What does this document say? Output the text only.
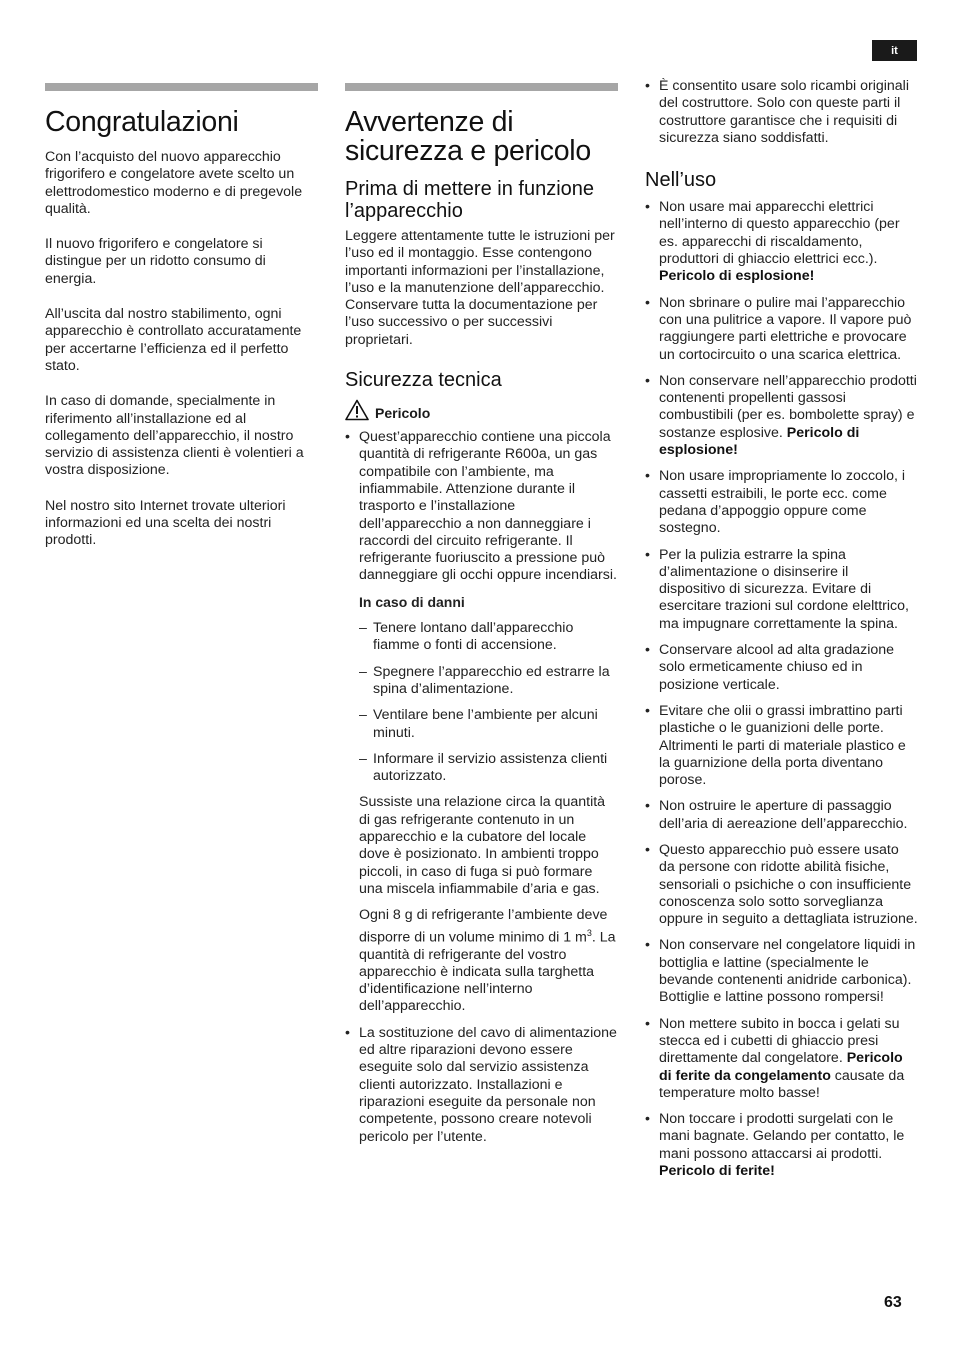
it
Congratulazioni

Con l’acquisto del nuovo apparecchio frigorifero e congelatore avete scelto un elettrodomestico moderno e di pregevole qualità.

Il nuovo frigorifero e congelatore si distingue per un ridotto consumo di energia.

All’uscita dal nostro stabilimento, ogni apparecchio è controllato accuratamente per accertarne l’efficienza ed il perfetto stato.

In caso di domande, specialmente in riferimento all’installazione ed al collegamento dell’apparecchio, il nostro servizio di assistenza clienti è volentieri a vostra disposizione.

Nel nostro sito Internet trovate ulteriori informazioni ed una scelta dei nostri prodotti.

Avvertenze di sicurezza e pericolo
Prima di mettere in funzione l’apparecchio

Leggere attentamente tutte le istruzioni per l’uso ed il montaggio. Esse contengono importanti informazioni per l’installazione, l’uso e la manutenzione dell’apparecchio. Conservare tutta la documentazione per l’uso successivo o per successivi proprietari.

Sicurezza tecnica
Pericolo
• Quest’apparecchio contiene una piccola quantità di refrigerante R600a, un gas compatibile con l’ambiente, ma infiammabile. Attenzione durante il trasporto e l’installazione dell’apparecchio a non danneggiare i raccordi del circuito refrigerante. Il refrigerante fuoriuscito a pressione può danneggiare gli occhi oppure incendiarsi.

In caso di danni

– Tenere lontano dall’apparecchio fiamme o fonti di accensione.
– Spegnere l’apparecchio ed estrarre la spina d’alimentazione.
– Ventilare bene l’ambiente per alcuni minuti.
– Informare il servizio assistenza clienti autorizzato.

Sussiste una relazione circa la quantità di gas refrigerante contenuto in un apparecchio e la cubatore del locale dove è posizionato. In ambienti troppo piccoli, in caso di fuga si può formare una miscela infiammabile d’aria e gas.

Ogni 8 g di refrigerante l’ambiente deve disporre di un volume minimo di 1 $m^3$. La quantità di refrigerante del vostro apparecchio è indicata sulla targhetta d’identificazione nell’interno dell’apparecchio.

• La sostituzione del cavo di alimentazione ed altre riparazioni devono essere eseguite solo dal servizio assistenza clienti autorizzato. Installazioni e riparazioni eseguite da personale non competente, possono creare notevoli pericolo per l’utente.
• È consentito usare solo ricambi originali del costruttore. Solo con queste parti il costruttore garantisce che i requisiti di sicurezza siano soddisfatti.
Nell’uso
• Non usare mai apparecchi elettrici nell’interno di questo apparecchio (per es. apparecchi di riscaldamento, produttori di ghiaccio elettrici ecc.). Pericolo di esplosione!
• Non sbrinare o pulire mai l’apparecchio con una pulitrice a vapore. Il vapore può raggiungere parti elettriche e provocare un cortocircuito o una scarica elettrica.
• Non conservare nell’apparecchio prodotti contenenti propellenti gassosi combustibili (per es. bombolette spray) e sostanze esplosive. Pericolo di esplosione!
• Non usare impropriamente lo zoccolo, i cassetti estraibili, le porte ecc. come pedana d’appoggio oppure come sostegno.
• Per la pulizia estrarre la spina d’alimentazione o disinserire il dispositivo di sicurezza. Evitare di esercitare trazioni sul cordone elelttrico, ma impugnare correttamente la spina.
• Conservare alcool ad alta gradazione solo ermeticamente chiuso ed in posizione verticale.
• Evitare che olii o grassi imbrattino parti plastiche o le guanizioni delle porte. Altrimenti le parti di materiale plastico e la guarnizione della porta diventano porose.
• Non ostruire le aperture di passaggio dell’aria di aereazione dell’apparecchio.
• Questo apparecchio può essere usato da persone con ridotte abilità fisiche, sensoriali o psichiche o con insufficiente conoscenza solo sotto sorveglianza oppure in seguito a dettagliata istruzione.
• Non conservare nel congelatore liquidi in bottiglia e lattine (specialmente le bevande contenenti anidride carbonica). Bottiglie e lattine possono rompersi!
• Non mettere subito in bocca i gelati su stecca ed i cubetti di ghiaccio presi direttamente dal congelatore. Pericolo di ferite da congelamento causate da temperature molto basse!
• Non toccare i prodotti surgelati con le mani bagnate. Gelando per contatto, le mani possono attaccarsi ai prodotti. Pericolo di ferite!
63
